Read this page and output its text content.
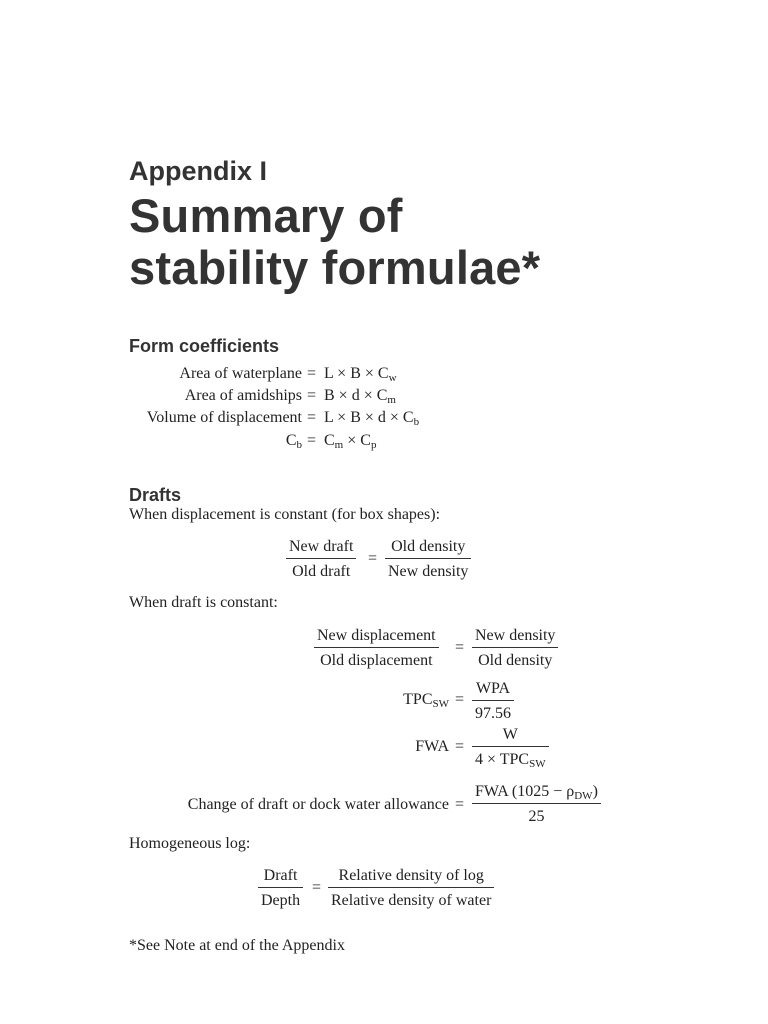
Appendix I
Summary of
stability formulae*
Form coefficients
Area of waterplane = $L \times B \times C_w$
Area of amidships = $B \times d \times C_m$
Volume of displacement = $L \times B \times d \times C_b$
$C_b = C_m \times C_p$
Drafts
When displacement is constant (for box shapes):
New draft
Old draft
=
Old density
New density
When draft is constant:
New displacement
Old displacement
=
New density
Old density
$TPC_{SW}$ =
WPA
97.56
FWA =
W
$4 \times TPC_{SW}$
Change of draft or dock water allowance =
FWA $(1025 - \rho_{DW})$
25
Homogeneous log:
Draft
Depth
=
Relative density of log
Relative density of water
*See Note at end of the Appendix
